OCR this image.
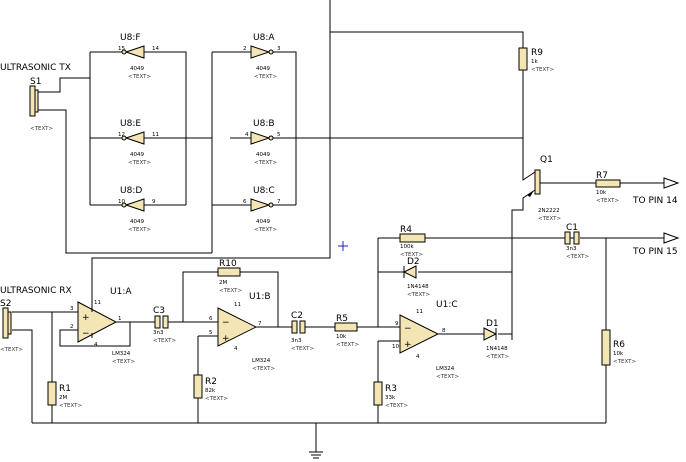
S1
<TEXT>
ULTRASONIC TX
S2
<TEXT>
ULTRASONIC RX
U8:F
15	14
4049
<TEXT>
U8:E
12	11
4049
<TEXT>
U8:D
10	9
4049
<TEXT>
U8:A
2	3
4049
<TEXT>
U8:B
4	5
4049
<TEXT>
U8:C
6	7
4049
<TEXT>
R9
1k
<TEXT>
Q1
2N2222
<TEXT>
R7
10k
<TEXT> TO PIN 14
TO PIN 15
C1
3n3
<TEXT>
R6
10k
<TEXT>
R4
100k
<TEXT>
D2
1N4148
<TEXT>
D1
1N4148
<TEXT>
+
−
U1:A
3
2
1
11
4
LM324
<TEXT>
R1
2M
<TEXT>
C3
3n3
<TEXT>
R10
2M
<TEXT>
−
+
U1:B
6
5
7
11
4
LM324
<TEXT>
R2
82k
<TEXT>
C2
3n3
<TEXT>
R5
10k
<TEXT>
−
+
U1:C
9
10
8
11
4
LM324
<TEXT>
R3
33k
<TEXT>
